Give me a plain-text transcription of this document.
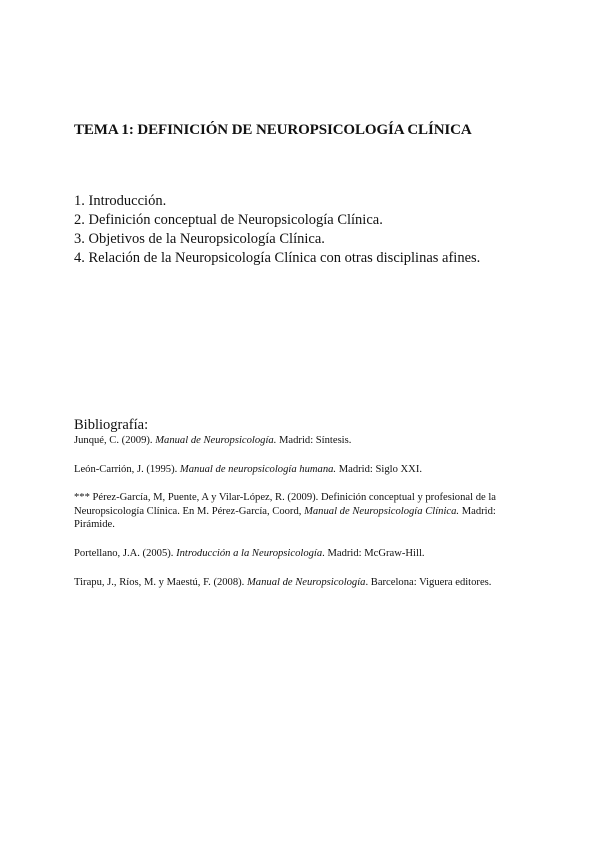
TEMA 1: DEFINICIÓN DE NEUROPSICOLOGÍA CLÍNICA
1. Introducción.
2. Definición conceptual de Neuropsicología Clínica.
3. Objetivos de la Neuropsicología Clínica.
4. Relación de la Neuropsicología Clínica con otras disciplinas afines.
Bibliografía:

Junqué, C. (2009). Manual de Neuropsicología. Madrid: Síntesis.

León-Carrión, J. (1995). Manual de neuropsicología humana. Madrid: Siglo XXI.

*** Pérez-García, M, Puente, A y Vilar-López, R. (2009). Definición conceptual y profesional de la Neuropsicología Clínica. En M. Pérez-García, Coord, Manual de Neuropsicología Clínica. Madrid: Pirámide.

Portellano, J.A. (2005). Introducción a la Neuropsicología. Madrid: McGraw-Hill.

Tirapu, J., Ríos, M. y Maestú, F. (2008). Manual de Neuropsicología. Barcelona: Viguera editores.
